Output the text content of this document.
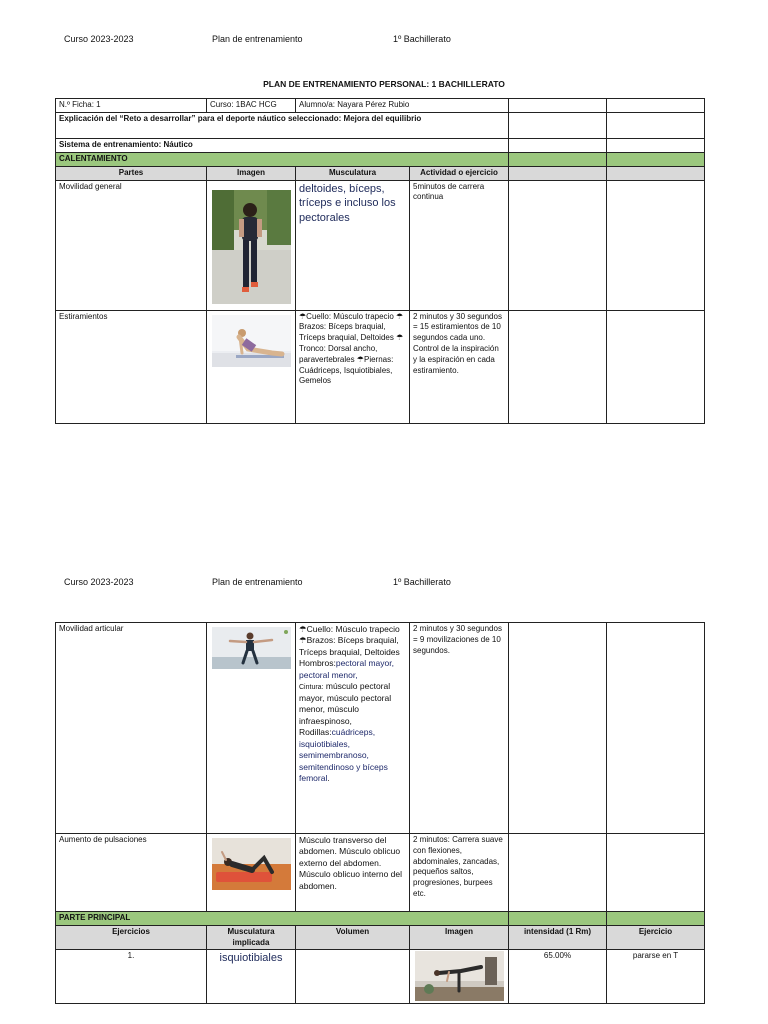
Curso 2023-2023	Plan de entrenamiento	1º Bachillerato
PLAN DE ENTRENAMIENTO PERSONAL: 1 BACHILLERATO
N.º Ficha: 1	Curso: 1BAC HCG	Alumno/a: Nayara Pérez Rubio			
Explicación del “Reto a desarrollar” para el deporte náutico seleccionado: Mejora del equilibrio					
Sistema de entrenamiento: Náutico					
CALENTAMIENTO					
Partes	Imagen	Musculatura	Actividad o ejercicio		
Movilidad general		deltoides, bíceps, tríceps e incluso los pectorales	5minutos de carrera continua		
Estiramientos		☂Cuello: Músculo trapecio ☂Brazos: Bíceps braquial, Tríceps braquial, Deltoides ☂Tronco: Dorsal ancho, paravertebrales ☂Piernas: Cuádriceps, Isquiotibiales, Gemelos	2 minutos y 30 segundos = 15 estiramientos de 10 segundos cada uno. Control de la inspiración y la espiración en cada estiramiento.		
Curso 2023-2023	Plan de entrenamiento	1º Bachillerato
Movilidad articular		☂Cuello: Músculo trapecio ☂Brazos: Bíceps braquial, Tríceps braquial, Deltoides
Hombros:pectoral mayor, pectoral menor,
Cintura: músculo pectoral mayor, músculo pectoral menor, músculo infraespinoso,
Rodillas:cuádriceps, isquiotibiales, semimembranoso, semitendinoso y bíceps femoral.	2 minutos y 30 segundos = 9 movilizaciones de 10 segundos.		
Aumento de pulsaciones		Músculo transverso del abdomen. Músculo oblicuo externo del abdomen. Músculo oblicuo interno del abdomen.	2 minutos: Carrera suave con flexiones, abdominales, zancadas, pequeños saltos, progresiones, burpees etc.		
PARTE PRINCIPAL					
Ejercicios	Musculatura implicada	Volumen	Imagen	intensidad (1 Rm)	Ejercicio
1.	isquiotibiales			65.00%	pararse en T
